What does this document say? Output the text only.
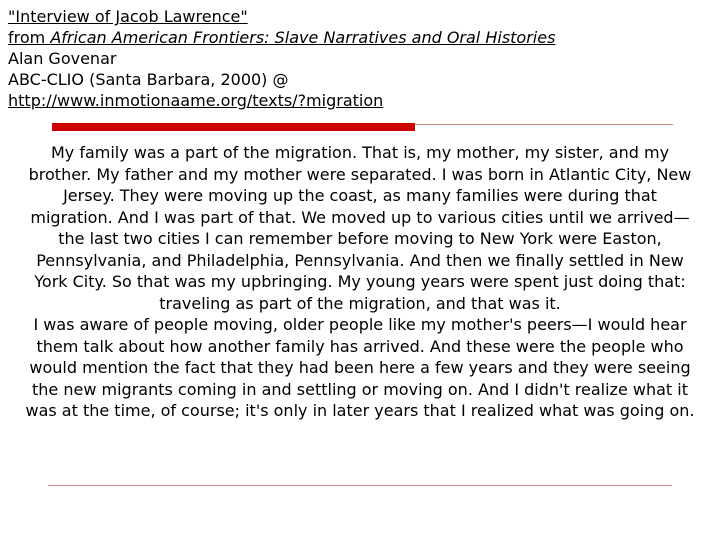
"Interview of Jacob Lawrence"
from African American Frontiers: Slave Narratives and Oral Histories
Alan Govenar
ABC-CLIO (Santa Barbara, 2000) @
http://www.inmotionaame.org/texts/?migration

My family was a part of the migration. That is, my mother, my sister, and my brother. My father and my mother were separated. I was born in Atlantic City, New Jersey. They were moving up the coast, as many families were during that migration. And I was part of that. We moved up to various cities until we arrived—the last two cities I can remember before moving to New York were Easton, Pennsylvania, and Philadelphia, Pennsylvania. And then we finally settled in New York City. So that was my upbringing. My young years were spent just doing that: traveling as part of the migration, and that was it.

I was aware of people moving, older people like my mother's peers—I would hear them talk about how another family has arrived. And these were the people who would mention the fact that they had been here a few years and they were seeing the new migrants coming in and settling or moving on. And I didn't realize what it was at the time, of course; it's only in later years that I realized what was going on.
